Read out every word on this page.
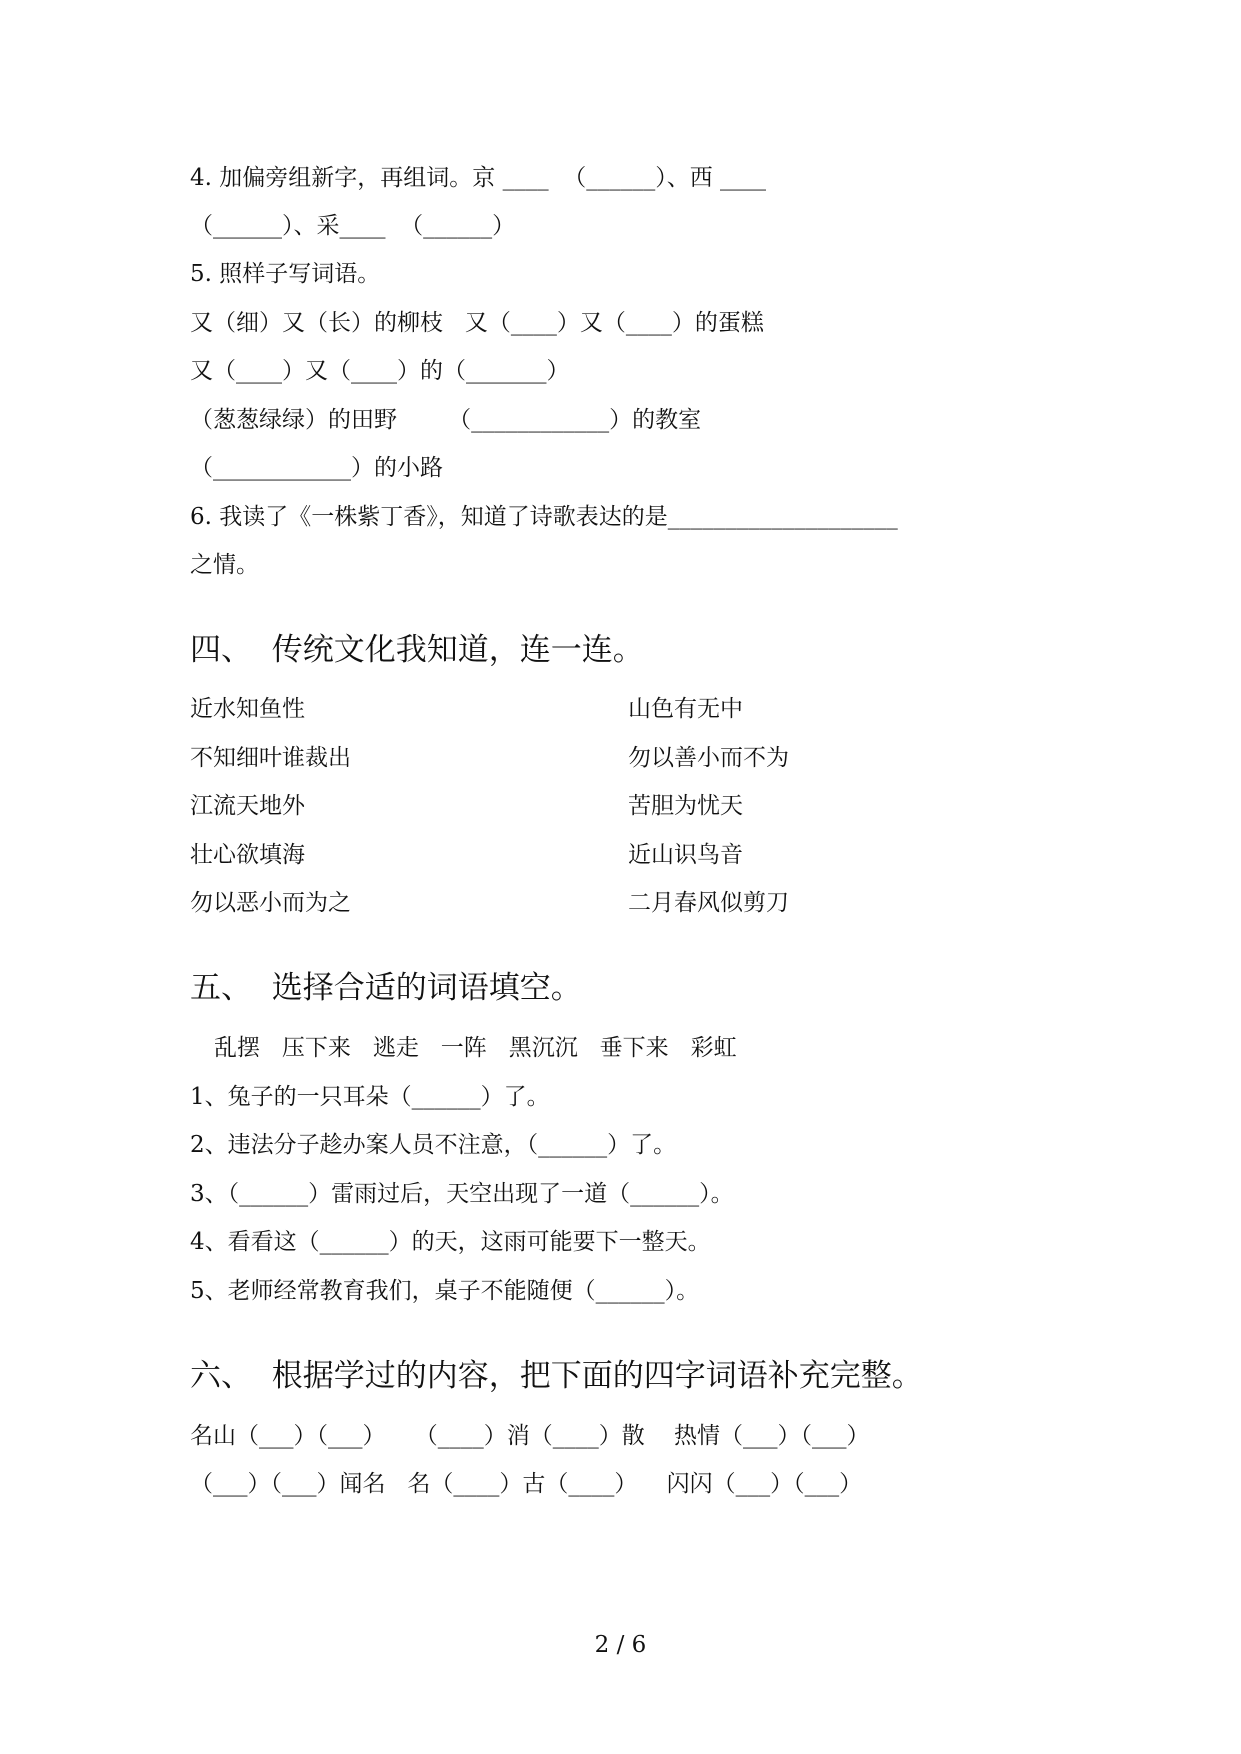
4. 加偏旁组新字，再组词。京 ____  （______）、西 ____
（______）、采____  （______）
5. 照样子写词语。
又（细）又（长）的柳枝   又（____）又（____）的蛋糕
又（____）又（____）的（_______）
（葱葱绿绿）的田野       （____________）的教室
（____________）的小路
6. 我读了《一株紫丁香》，知道了诗歌表达的是____________________
之情。
四、  传统文化我知道，连一连。
近水知鱼性
不知细叶谁裁出
江流天地外
壮心欲填海
勿以恶小而为之
山色有无中
勿以善小而不为
苦胆为忧天
近山识鸟音
二月春风似剪刀
五、  选择合适的词语填空。
乱摆   压下来   逃走   一阵   黑沉沉   垂下来   彩虹
1、兔子的一只耳朵（______）了。
2、违法分子趁办案人员不注意，（______）了。
3、（______）雷雨过后，天空出现了一道（______）。
4、看看这（______）的天，这雨可能要下一整天。
5、老师经常教育我们，桌子不能随便（______）。
六、  根据学过的内容，把下面的四字词语补充完整。
名山（___）（___）    （____）消（____）散    热情（___）（___）
（___）（___）闻名   名（____）古（____）    闪闪（___）（___）
2 / 6
